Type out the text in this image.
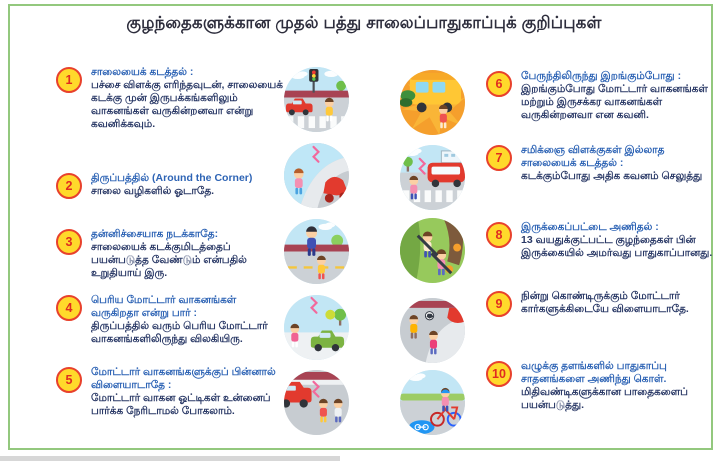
குழந்தைகளுக்கான முதல் பத்து சாலைப்பாதுகாப்புக் குறிப்புகள்
1
சாலையைக் கடத்தல் :
பச்சை விளக்கு எரிந்தவுடன், சாலையைக் கடக்கு முன் இருபக்கங்களிலும் வாகனங்கள் வருகின்றனவா என்று கவனிக்கவும்.
2
திருப்பத்தில் (Around the Corner)
சாலை வழிகளில் ஓடாதே.
3
தன்னிச்சையாக நடக்காதே:
சாலையைக் கடக்குமிடத்தைப் பயன்படுத்த வேண்டும் என்பதில் உறுதியாய் இரு.
4
பெரிய மோட்டார் வாகனங்கள் வருகிறதா என்று பார் :
திருப்பத்தில் வரும் பெரிய மோட்டார் வாகனங்களிலிருந்து விலகியிரு.
5
மோட்டார் வாகனங்களுக்குப் பின்னால் விளையாடாதே :
மோட்டார் வாகன ஓட்டிகள் உன்னைப் பார்க்க நேரிடாமல் போகலாம்.
6
பேருந்திலிருந்து இறங்கும்போது :
இறங்கும்போது மோட்டார் வாகனங்கள் மற்றும் இருசக்கர வாகனங்கள் வருகின்றனவா என கவனி.
7
சமிக்ஞை விளக்குகள் இல்லாத சாலையைக் கடத்தல் :
கடக்கும்போது அதிக கவனம் செலுத்து
8
இருக்கைப்பட்டை அணிதல் :
13 வயதுக்குட்பட்ட குழந்தைகள் பின் இருக்கையில் அமர்வது பாதுகாப்பானது.
9
நின்று கொண்டிருக்கும் மோட்டார் கார்களுக்கிடையே விளையாடாதே.
10
வழுக்கு தளங்களில் பாதுகாப்பு சாதனங்களை அணிந்து கொள்.
மிதிவண்டிகளுக்கான பாதைகளைப் பயன்படுத்து.
